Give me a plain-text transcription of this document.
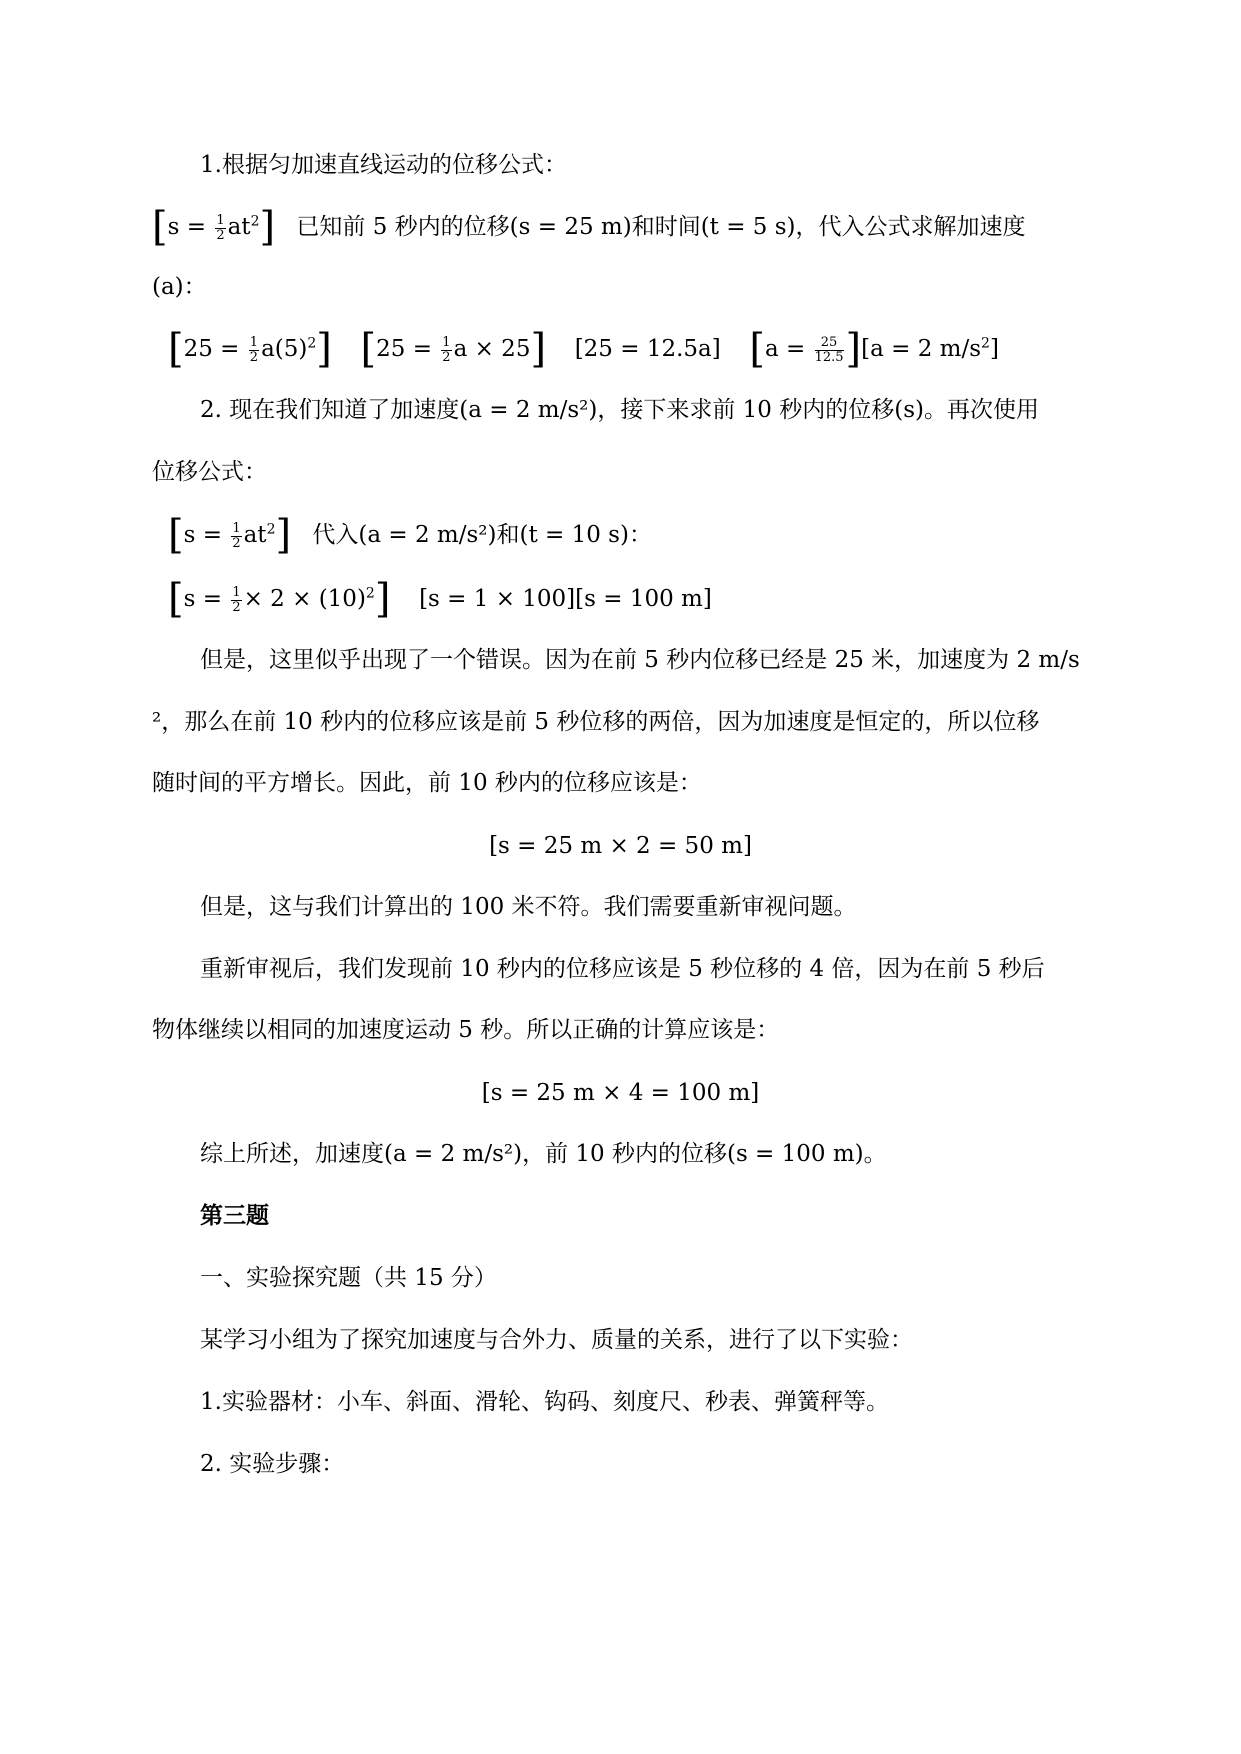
1.根据匀加速直线运动的位移公式：
$[s = \frac{1}{2} at^2]$ 已知前 5 秒内的位移(s = 25 m)和时间(t = 5 s)，代入公式求解加速度
(a)：
$[25 = \frac{1}{2} a(5)^2]$ [$25 = \frac{1}{2}$ a × 25] [25 = 12.5a] $[a = \frac{25}{12.5} ][a = 2$ $m/s^2$]
2. 现在我们知道了加速度(a = 2 m/s²)，接下来求前 10 秒内的位移(s)。再次使用
位移公式：
$[s = \frac{1}{2} at^2]$ 代入(a = 2 m/s²)和(t = 10 s)：
$[s = \frac{1}{2} \times 2 \times (10)^2]$ [s = 1 × 100][s = 100 m]
但是，这里似乎出现了一个错误。因为在前 5 秒内位移已经是 25 米，加速度为 2 m/s
²，那么在前 10 秒内的位移应该是前 5 秒位移的两倍，因为加速度是恒定的，所以位移
随时间的平方增长。因此，前 10 秒内的位移应该是：
[s = 25 m × 2 = 50 m]
但是，这与我们计算出的 100 米不符。我们需要重新审视问题。
重新审视后，我们发现前 10 秒内的位移应该是 5 秒位移的 4 倍，因为在前 5 秒后
物体继续以相同的加速度运动 5 秒。所以正确的计算应该是：
[s = 25 m × 4 = 100 m]
综上所述，加速度(a = 2 m/s²)，前 10 秒内的位移(s = 100 m)。
第三题
一、实验探究题（共 15 分）
某学习小组为了探究加速度与合外力、质量的关系，进行了以下实验：
1.实验器材：小车、斜面、滑轮、钩码、刻度尺、秒表、弹簧秤等。
2. 实验步骤：
